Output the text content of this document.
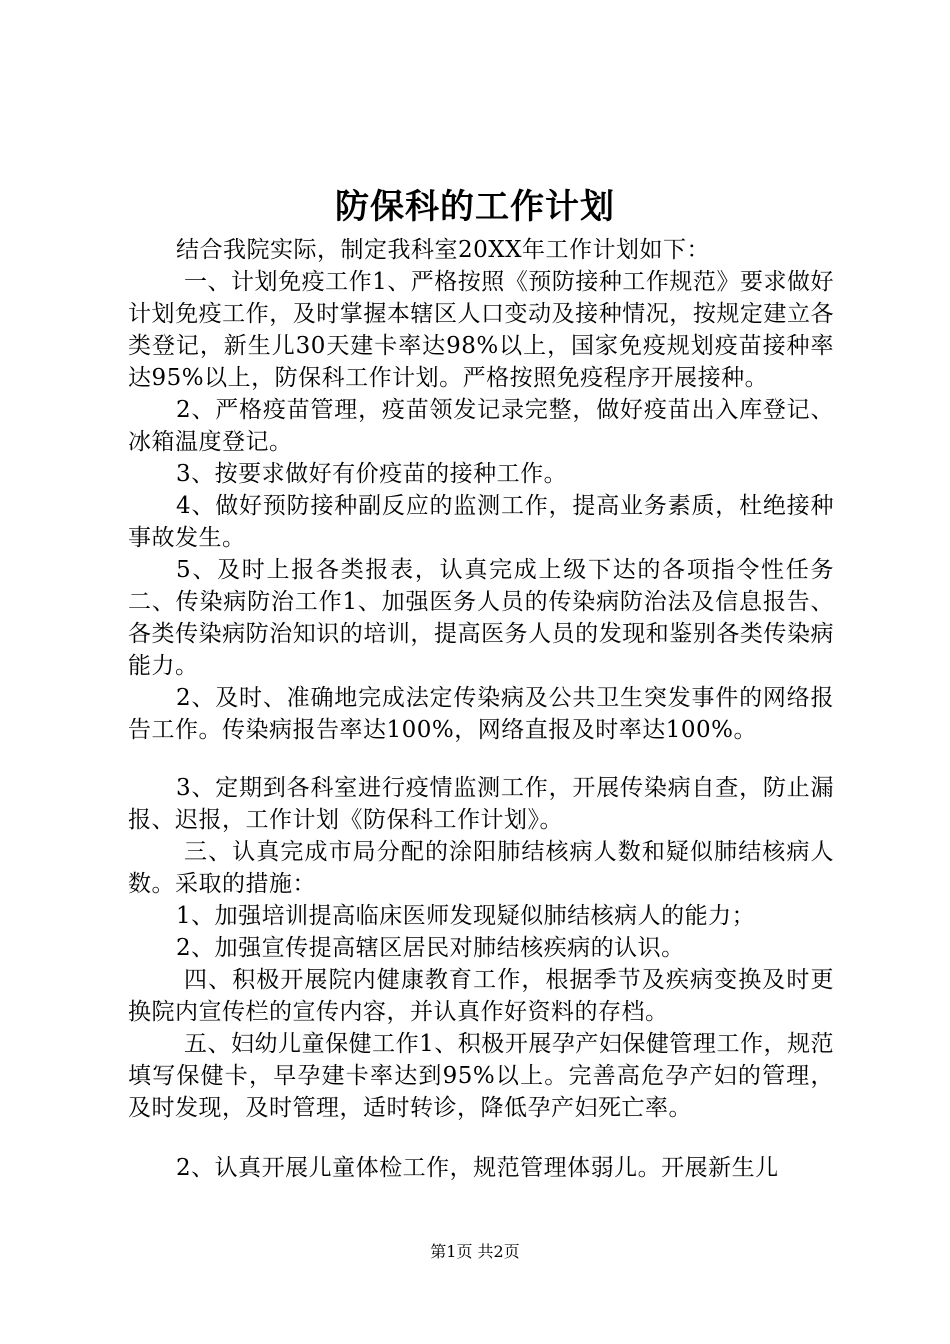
防保科的工作计划

结合我院实际，制定我科室20XX年工作计划如下：

一、计划免疫工作1、严格按照《预防接种工作规范》要求做好计划免疫工作，及时掌握本辖区人口变动及接种情况，按规定建立各类登记，新生儿30天建卡率达98%以上，国家免疫规划疫苗接种率达95%以上，防保科工作计划。严格按照免疫程序开展接种。

2、严格疫苗管理，疫苗领发记录完整，做好疫苗出入库登记、冰箱温度登记。

3、按要求做好有价疫苗的接种工作。

4、做好预防接种副反应的监测工作，提高业务素质，杜绝接种事故发生。

5、及时上报各类报表，认真完成上级下达的各项指令性任务二、传染病防治工作1、加强医务人员的传染病防治法及信息报告、各类传染病防治知识的培训，提高医务人员的发现和鉴别各类传染病能力。

2、及时、准确地完成法定传染病及公共卫生突发事件的网络报告工作。传染病报告率达100%，网络直报及时率达100%。

3、定期到各科室进行疫情监测工作，开展传染病自查，防止漏报、迟报，工作计划《防保科工作计划》。

三、认真完成市局分配的涂阳肺结核病人数和疑似肺结核病人数。采取的措施：

1、加强培训提高临床医师发现疑似肺结核病人的能力；

2、加强宣传提高辖区居民对肺结核疾病的认识。

四、积极开展院内健康教育工作，根据季节及疾病变换及时更换院内宣传栏的宣传内容，并认真作好资料的存档。

五、妇幼儿童保健工作1、积极开展孕产妇保健管理工作，规范填写保健卡，早孕建卡率达到95%以上。完善高危孕产妇的管理，及时发现，及时管理，适时转诊，降低孕产妇死亡率。

2、认真开展儿童体检工作，规范管理体弱儿。开展新生儿

第1页 共2页
